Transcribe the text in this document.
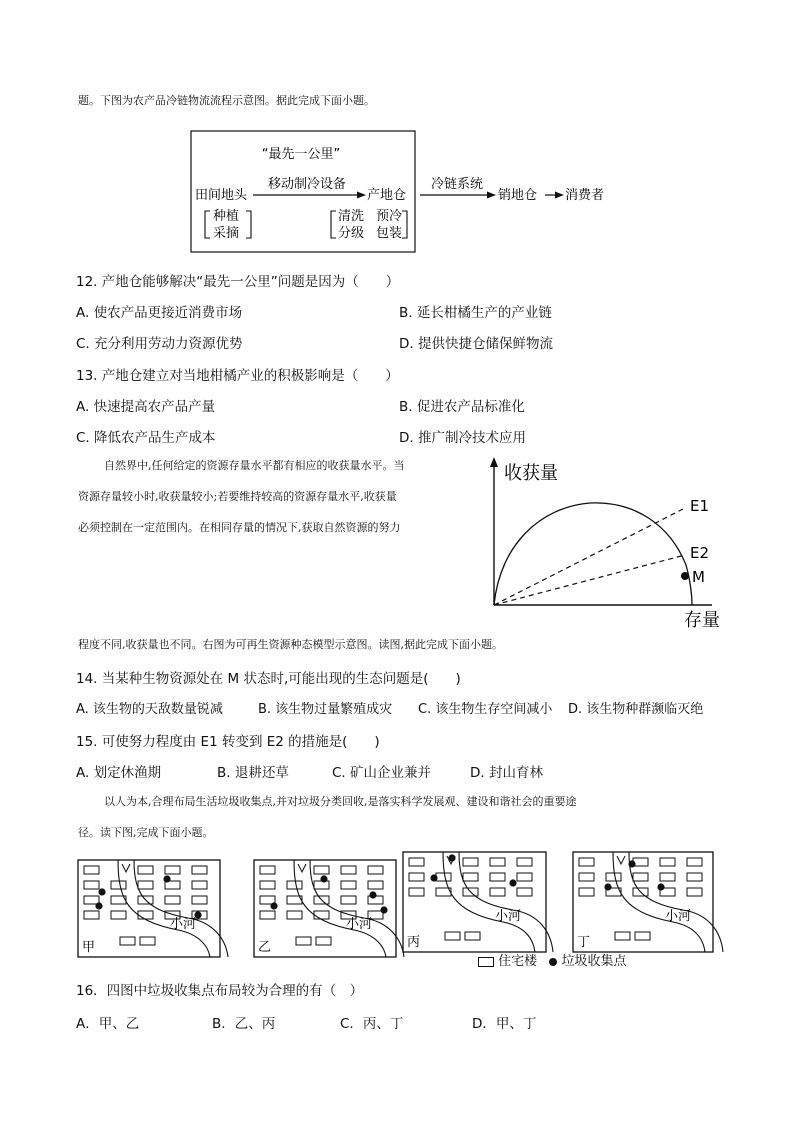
题。下图为农产品冷链物流流程示意图。据此完成下面小题。
“最先一公里”
田间地头
移动制冷设备
产地仓
种植
采摘
清洗 预冷
分级 包装
冷链系统
销地仓 消费者
12. 产地仓能够解决“最先一公里”问题是因为（　　）
A. 使农产品更接近消费市场	B. 延长柑橘生产的产业链
C. 充分利用劳动力资源优势	D. 提供快捷仓储保鲜物流
13. 产地仓建立对当地柑橘产业的积极影响是（　　）
A. 快速提高农产品产量	B. 促进农产品标准化
C. 降低农产品生产成本	D. 推广制冷技术应用
自然界中,任何给定的资源存量水平都有相应的收获量水平。当
资源存量较小时,收获量较小;若要维持较高的资源存量水平,收获量
必须控制在一定范围内。在相同存量的情况下,获取自然资源的努力
程度不同,收获量也不同。右图为可再生资源种态模型示意图。读图,据此完成下面小题。
收获量
存量
E1
E2
M
14. 当某种生物资源处在 M 状态时,可能出现的生态问题是(　　)
A. 该生物的天敌数量锐减	B. 该生物过量繁殖成灾 C. 该生物生存空间减小 D. 该生物种群濒临灭绝
15. 可使努力程度由 E1 转变到 E2 的措施是(　　)
A. 划定休渔期	B. 退耕还草	C. 矿山企业兼并	D. 封山育林
以人为本,合理布局生活垃圾收集点,并对垃圾分类回收,是落实科学发展观、建设和谐社会的重要途
径。读下图,完成下面小题。
小河
甲
小河
乙
小河
丙
小河
丁
住宅楼 垃圾收集点
16．四图中垃圾收集点布局较为合理的有（　）
A．甲、乙	B．乙、丙	C．丙、丁	D．甲、丁
